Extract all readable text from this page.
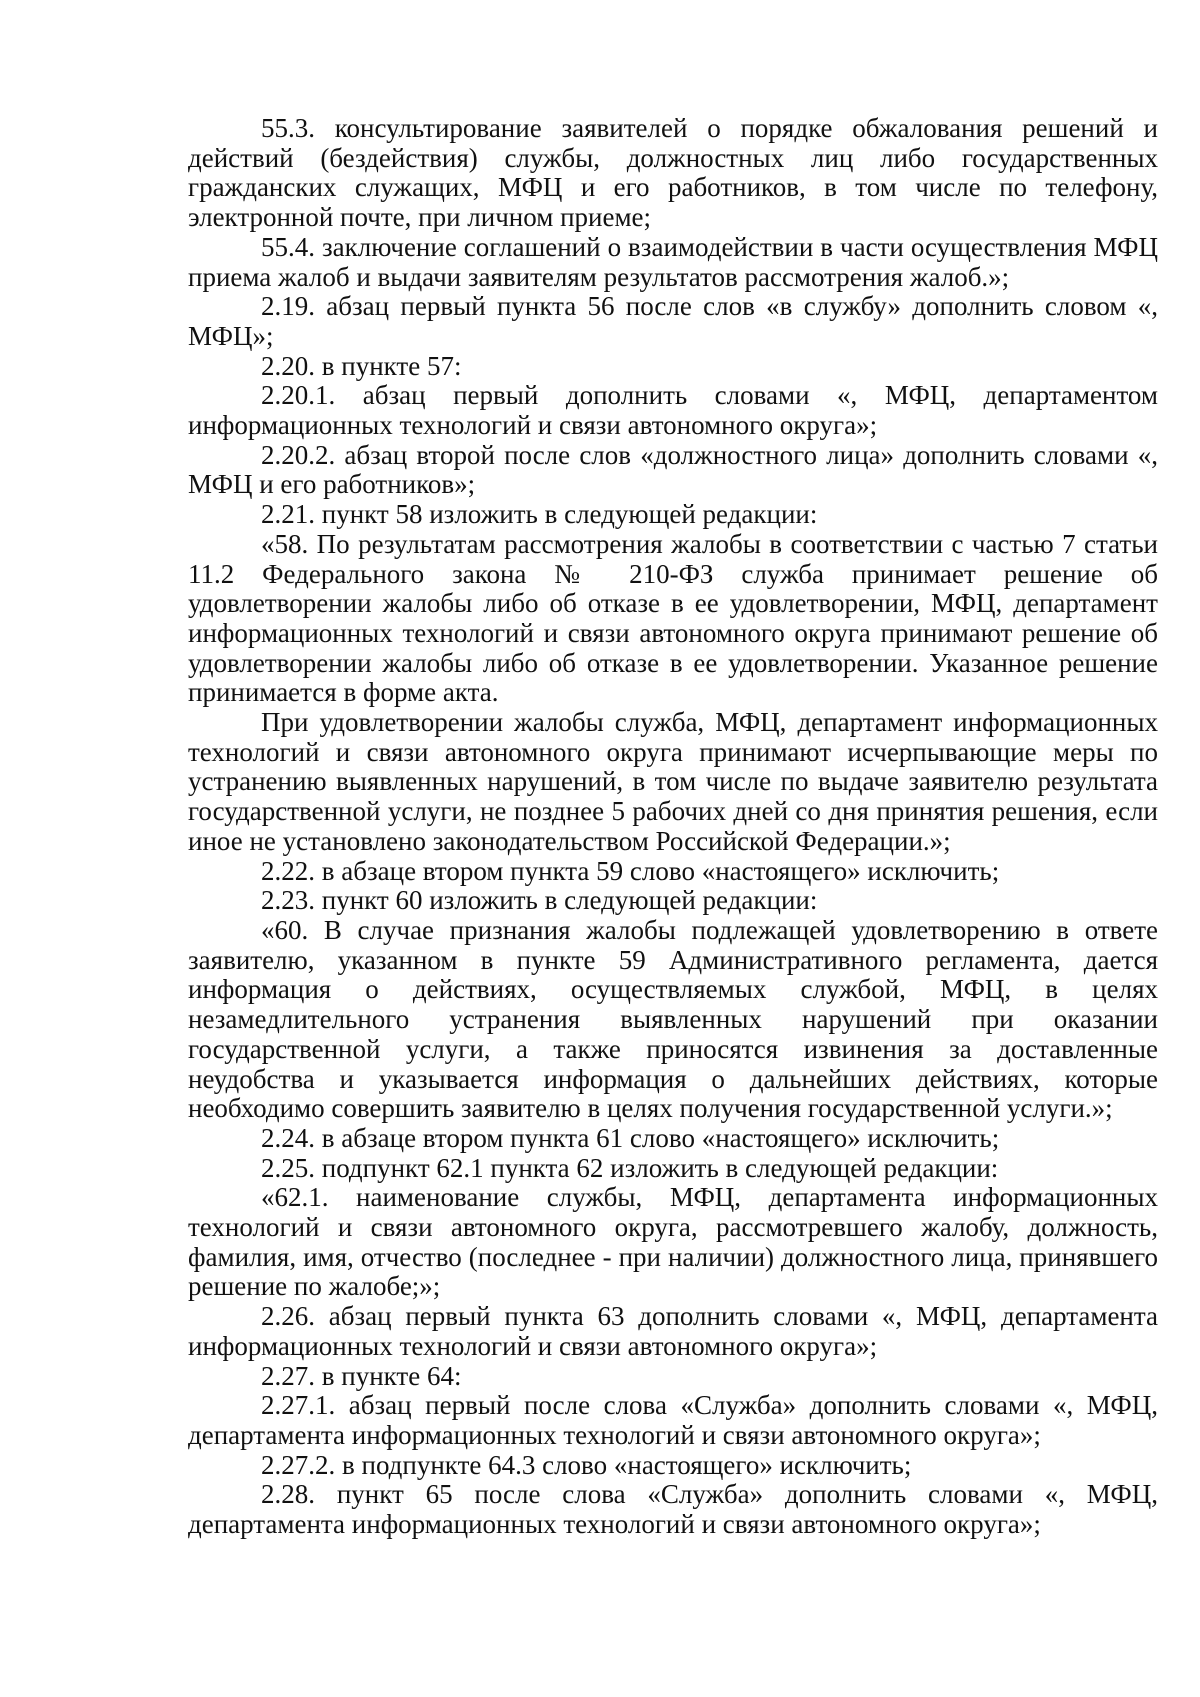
55.3. консультирование заявителей о порядке обжалования решений и действий (бездействия) службы, должностных лиц либо государственных гражданских служащих, МФЦ и его работников, в том числе по телефону, электронной почте, при личном приеме;

55.4. заключение соглашений о взаимодействии в части осуществления МФЦ приема жалоб и выдачи заявителям результатов рассмотрения жалоб.»;

2.19. абзац первый пункта 56 после слов «в службу» дополнить словом «, МФЦ»;

2.20. в пункте 57:

2.20.1. абзац первый дополнить словами «, МФЦ, департаментом информационных технологий и связи автономного округа»;

2.20.2. абзац второй после слов «должностного лица» дополнить словами «, МФЦ и его работников»;

2.21. пункт 58 изложить в следующей редакции:

«58. По результатам рассмотрения жалобы в соответствии с частью 7 статьи 11.2 Федерального закона № 210-ФЗ служба принимает решение об удовлетворении жалобы либо об отказе в ее удовлетворении, МФЦ, департамент информационных технологий и связи автономного округа принимают решение об удовлетворении жалобы либо об отказе в ее удовлетворении. Указанное решение принимается в форме акта.

При удовлетворении жалобы служба, МФЦ, департамент информационных технологий и связи автономного округа принимают исчерпывающие меры по устранению выявленных нарушений, в том числе по выдаче заявителю результата государственной услуги, не позднее 5 рабочих дней со дня принятия решения, если иное не установлено законодательством Российской Федерации.»;

2.22. в абзаце втором пункта 59 слово «настоящего» исключить;

2.23. пункт 60 изложить в следующей редакции:

«60. В случае признания жалобы подлежащей удовлетворению в ответе заявителю, указанном в пункте 59 Административного регламента, дается информация о действиях, осуществляемых службой, МФЦ, в целях незамедлительного устранения выявленных нарушений при оказании государственной услуги, а также приносятся извинения за доставленные неудобства и указывается информация о дальнейших действиях, которые необходимо совершить заявителю в целях получения государственной услуги.»;

2.24. в абзаце втором пункта 61 слово «настоящего» исключить;

2.25. подпункт 62.1 пункта 62 изложить в следующей редакции:

«62.1. наименование службы, МФЦ, департамента информационных технологий и связи автономного округа, рассмотревшего жалобу, должность, фамилия, имя, отчество (последнее - при наличии) должностного лица, принявшего решение по жалобе;»;

2.26. абзац первый пункта 63 дополнить словами «, МФЦ, департамента информационных технологий и связи автономного округа»;

2.27. в пункте 64:

2.27.1. абзац первый после слова «Служба» дополнить словами «, МФЦ, департамента информационных технологий и связи автономного округа»;

2.27.2. в подпункте 64.3 слово «настоящего» исключить;

2.28. пункт 65 после слова «Служба» дополнить словами «, МФЦ, департамента информационных технологий и связи автономного округа»;
